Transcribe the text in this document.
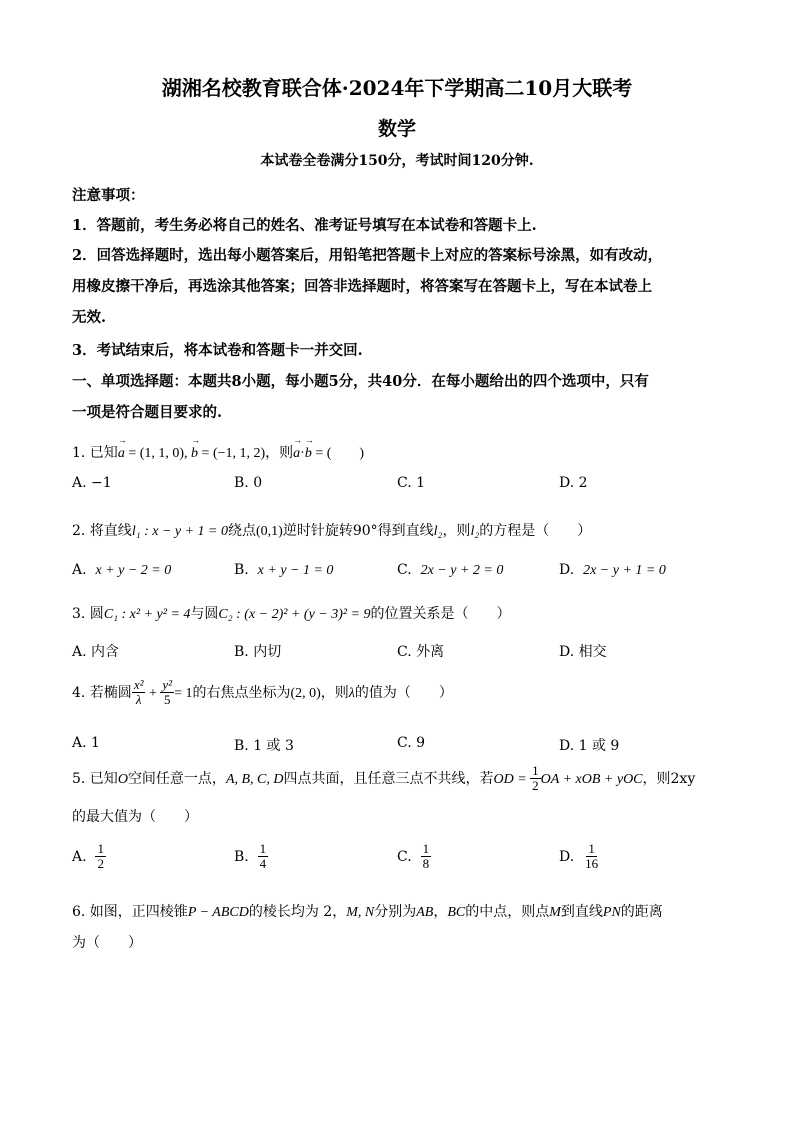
湖湘名校教育联合体·2024年下学期高二10月大联考
数学
本试卷全卷满分150分，考试时间120分钟.
注意事项：
1．答题前，考生务必将自己的姓名、准考证号填写在本试卷和答题卡上.
2．回答选择题时，选出每小题答案后，用铅笔把答题卡上对应的答案标号涂黑，如有改动，
用橡皮擦干净后，再选涂其他答案；回答非选择题时，将答案写在答题卡上，写在本试卷上
无效.
3．考试结束后，将本试卷和答题卡一并交回.
一、单项选择题：本题共8小题，每小题5分，共40分．在每小题给出的四个选项中，只有
一项是符合题目要求的.
1. 已知→ a = (1, 1, 0), → b = (−1, 1, 2)，则→ a·→ b = (　　)
A. −1	B. 0	C. 1	D. 2
2. 将直线l₁ : x − y + 1 = 0绕点(0,1)逆时针旋转90°得到直线l₂，则l₂的方程是（　　）
A. x + y − 2 = 0	B. x + y − 1 = 0	C. 2x − y + 2 = 0	D. 2x − y + 1 = 0
3. 圆C₁ : x² + y² = 4与圆C₂ : (x − 2)² + (y − 3)² = 9的位置关系是（　　）
A. 内含	B. 内切	C. 外离	D. 相交
4. 若椭圆 $\frac{\text{x²}}{\lambda} + \frac{\text{y²}}{5} = 1$的右焦点坐标为(2, 0)，则λ的值为（　　）
A. 1	B. 1 或 3	C. 9	D. 1 或 9
5. 已知O空间任意一点，A, B, C, D四点共面，且任意三点不共线，若OD = $\frac{1}{2}$ OA + xOB + yOC，则2xy
的最大值为（　　）
A. $\frac{1}{2}$	B. $\frac{1}{4}$	C. $\frac{1}{8}$	D. $\frac{1}{16}$
6. 如图，正四棱锥P − ABCD的棱长均为 2，M, N分别为AB，BC的中点，则点M到直线PN的距离
为（　　）
